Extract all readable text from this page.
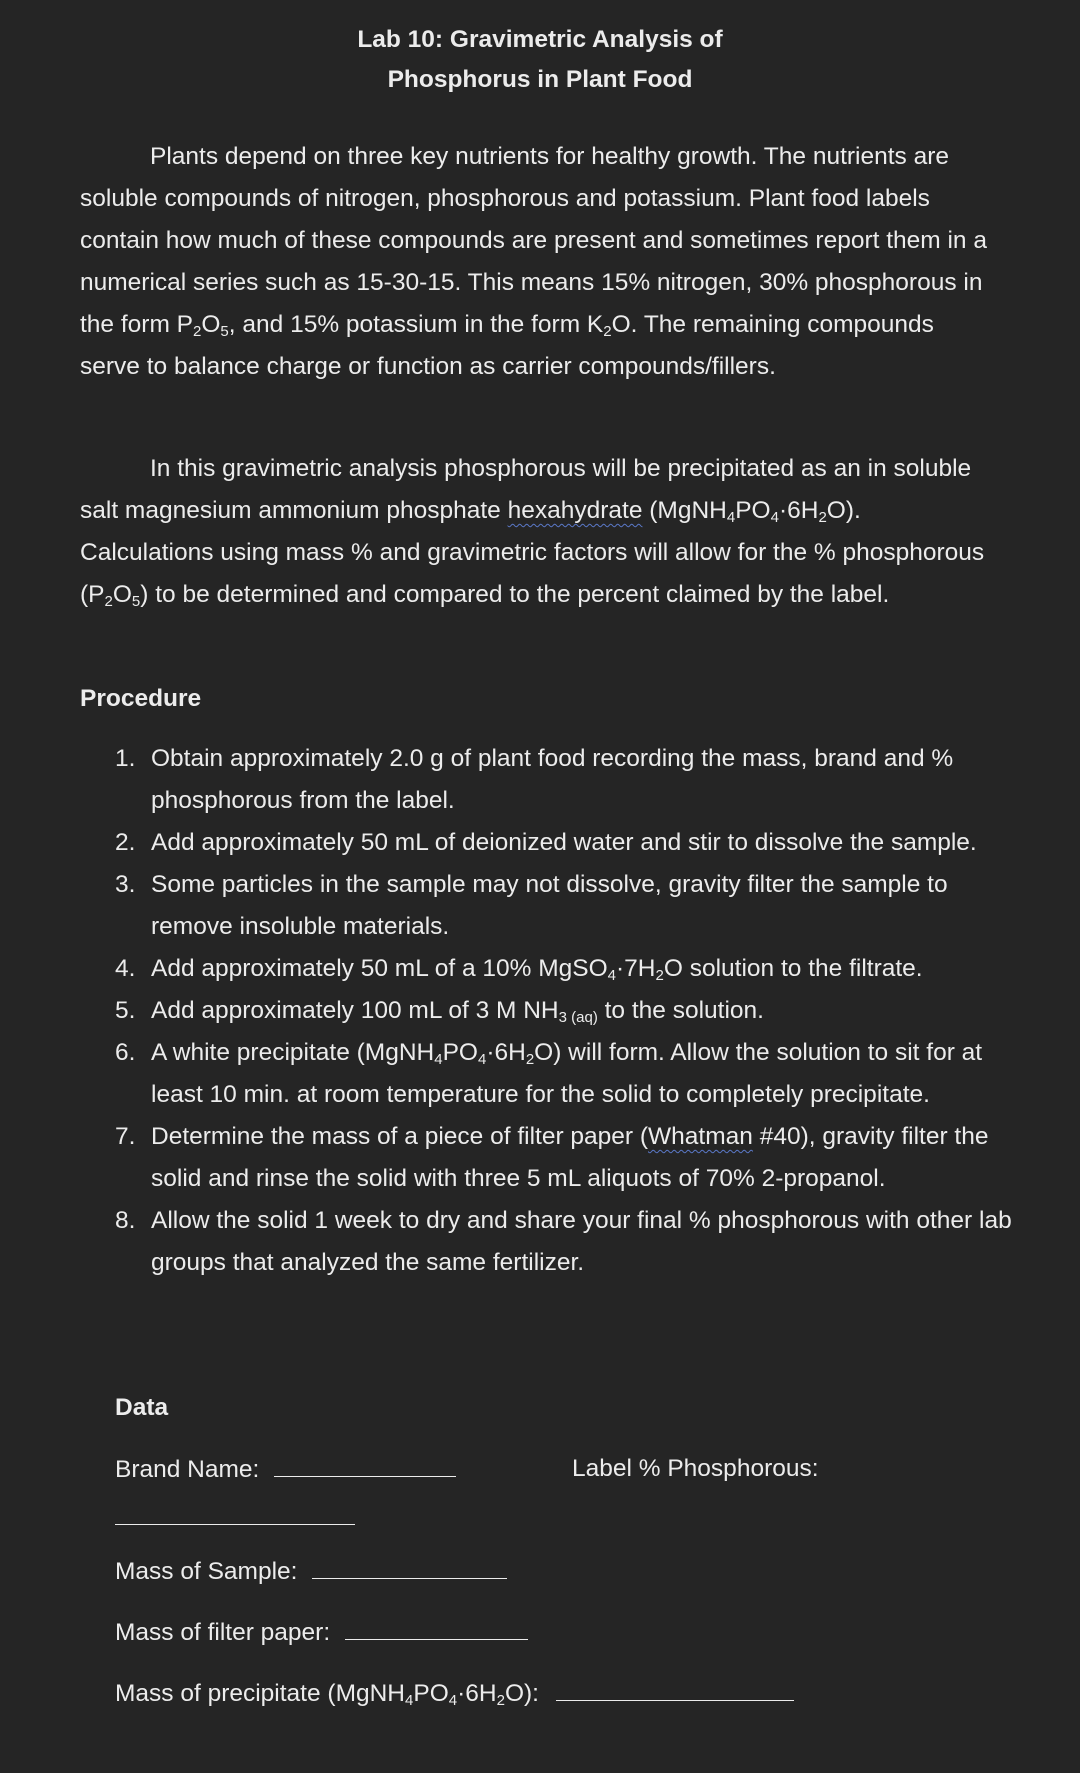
Lab 10: Gravimetric Analysis of
Phosphorus in Plant Food

Plants depend on three key nutrients for healthy growth. The nutrients are soluble compounds of nitrogen, phosphorous and potassium. Plant food labels contain how much of these compounds are present and sometimes report them in a numerical series such as 15-30-15. This means 15% nitrogen, 30% phosphorous in the form $P_2O_5$, and 15% potassium in the form $K_2O$. The remaining compounds serve to balance charge or function as carrier compounds/fillers.

In this gravimetric analysis phosphorous will be precipitated as an in soluble salt magnesium ammonium phosphate hexahydrate $(MgNH_4PO_4\cdot 6H_2O)$. Calculations using mass % and gravimetric factors will allow for the % phosphorous $(P_2O_5)$ to be determined and compared to the percent claimed by the label.

Procedure
1. Obtain approximately 2.0 g of plant food recording the mass, brand and % phosphorous from the label.
2. Add approximately 50 mL of deionized water and stir to dissolve the sample.
3. Some particles in the sample may not dissolve, gravity filter the sample to remove insoluble materials.
4. Add approximately 50 mL of a 10% $MgSO_4\cdot 7H_2O$ solution to the filtrate.
5. Add approximately 100 mL of 3 M $NH_{3 (aq)}$ to the solution.
6. A white precipitate $(MgNH_4PO_4\cdot 6H_2O)$ will form. Allow the solution to sit for at least 10 min. at room temperature for the solid to completely precipitate.
7. Determine the mass of a piece of filter paper (Whatman #40), gravity filter the solid and rinse the solid with three 5 mL aliquots of 70% 2-propanol.
8. Allow the solid 1 week to dry and share your final % phosphorous with other lab groups that analyzed the same fertilizer.
Data
Brand Name:	Label % Phosphorous:
Mass of Sample:
Mass of filter paper:
Mass of precipitate $(MgNH_4PO_4\cdot 6H_2O)$:
